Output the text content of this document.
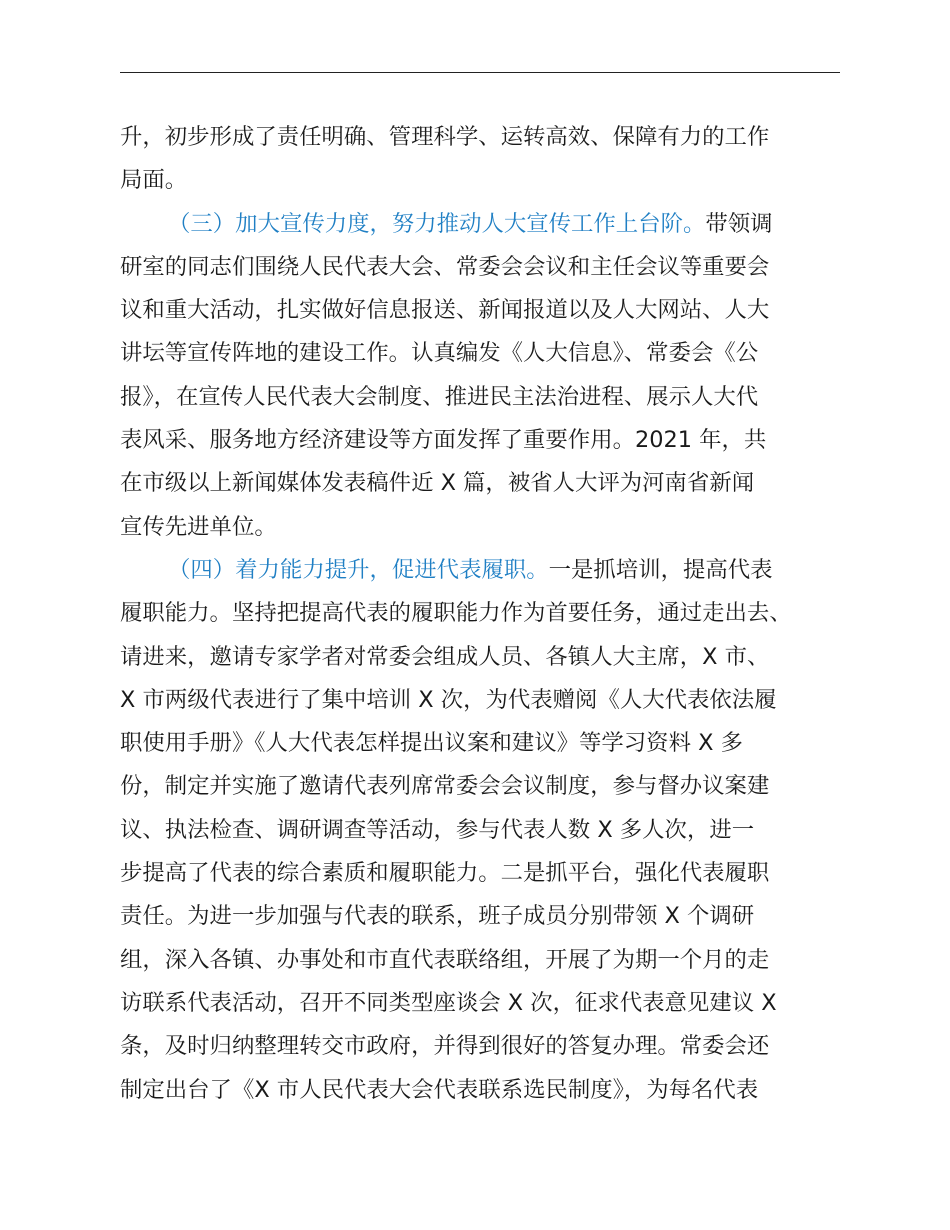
升，初步形成了责任明确、管理科学、运转高效、保障有力的工作
局面。
（三）加大宣传力度，努力推动人大宣传工作上台阶。带领调
研室的同志们围绕人民代表大会、常委会会议和主任会议等重要会
议和重大活动，扎实做好信息报送、新闻报道以及人大网站、人大
讲坛等宣传阵地的建设工作。认真编发《人大信息》、常委会《公
报》，在宣传人民代表大会制度、推进民主法治进程、展示人大代
表风采、服务地方经济建设等方面发挥了重要作用。2021 年，共
在市级以上新闻媒体发表稿件近 X 篇，被省人大评为河南省新闻
宣传先进单位。
（四）着力能力提升，促进代表履职。一是抓培训，提高代表
履职能力。坚持把提高代表的履职能力作为首要任务，通过走出去、
请进来，邀请专家学者对常委会组成人员、各镇人大主席，X 市、
X 市两级代表进行了集中培训 X 次，为代表赠阅《人大代表依法履
职使用手册》《人大代表怎样提出议案和建议》等学习资料 X 多
份，制定并实施了邀请代表列席常委会会议制度，参与督办议案建
议、执法检查、调研调查等活动，参与代表人数 X 多人次，进一
步提高了代表的综合素质和履职能力。二是抓平台，强化代表履职
责任。为进一步加强与代表的联系，班子成员分别带领 X 个调研
组，深入各镇、办事处和市直代表联络组，开展了为期一个月的走
访联系代表活动，召开不同类型座谈会 X 次，征求代表意见建议 X
条，及时归纳整理转交市政府，并得到很好的答复办理。常委会还
制定出台了《X 市人民代表大会代表联系选民制度》，为每名代表
